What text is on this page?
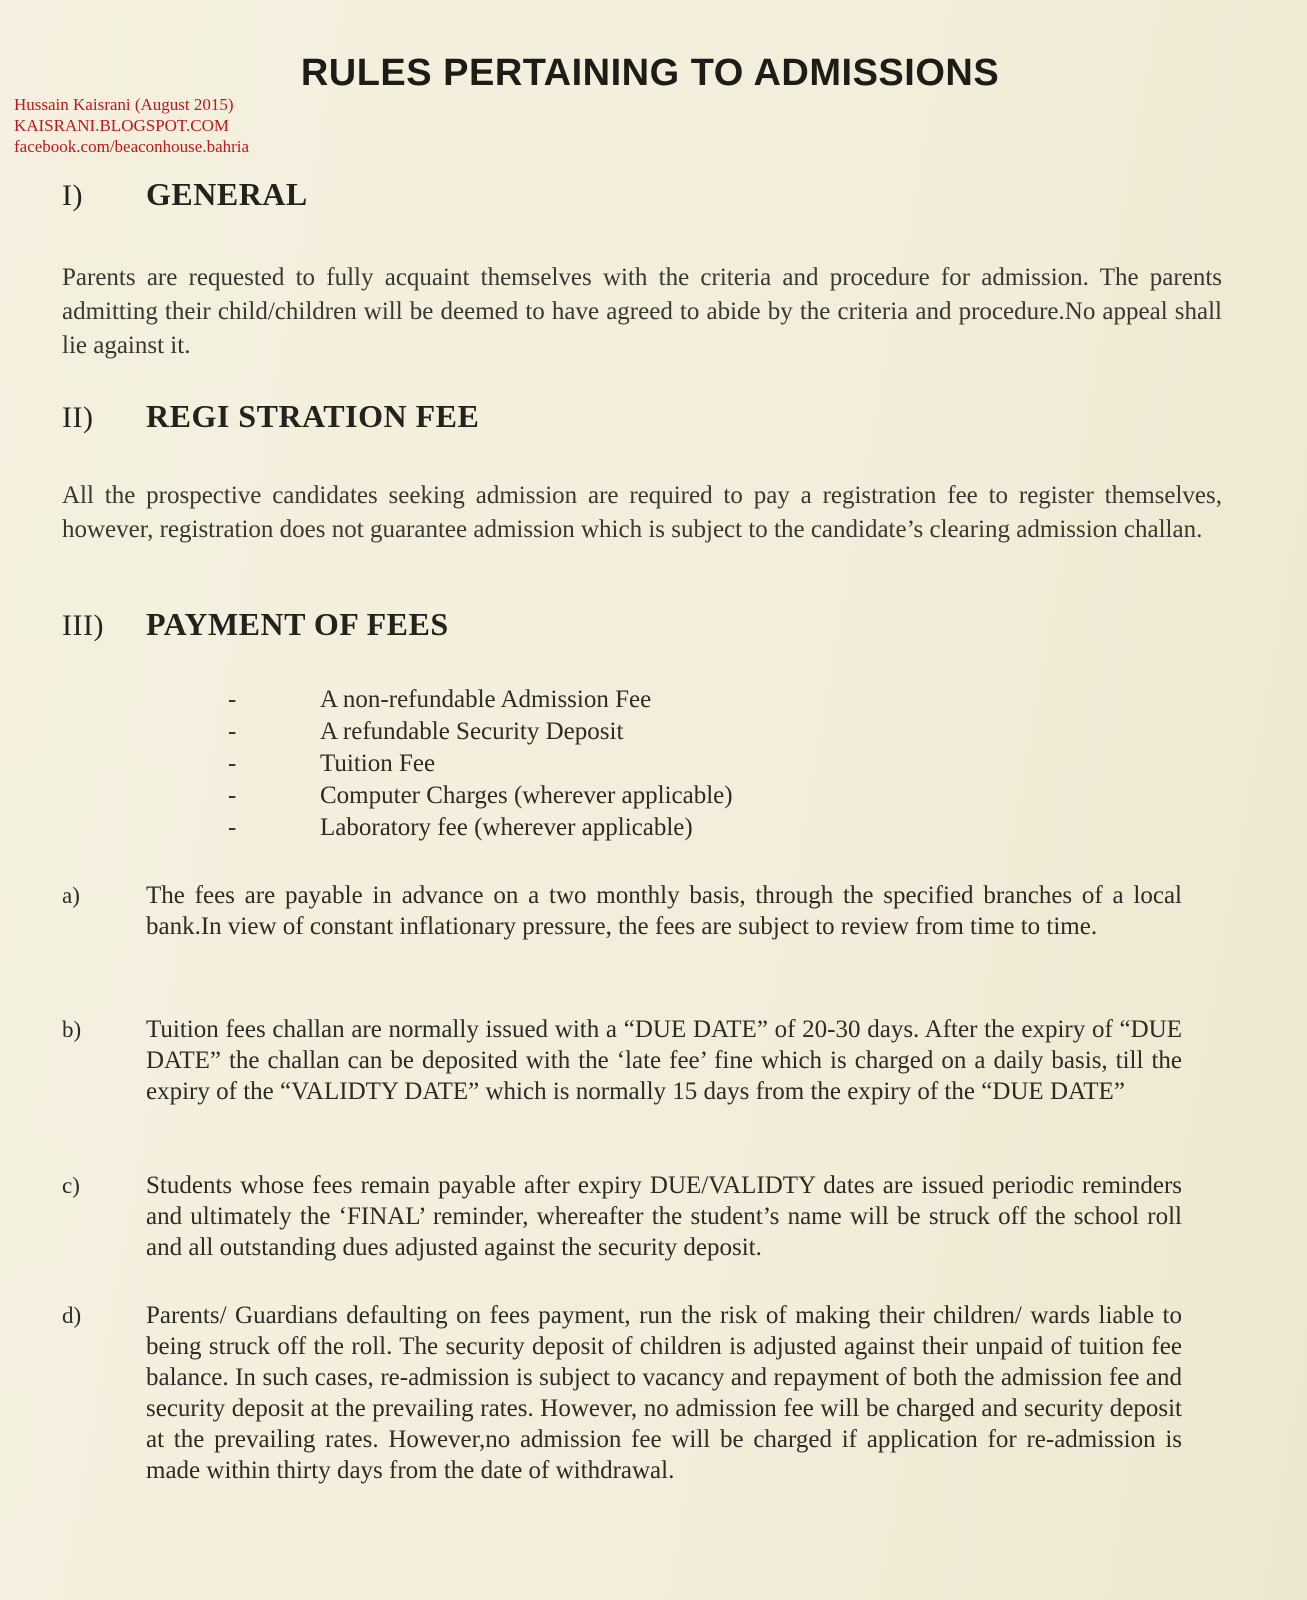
RULES PERTAINING TO ADMISSIONS
Hussain Kaisrani (August 2015)
KAISRANI.BLOGSPOT.COM
facebook.com/beaconhouse.bahria
I)	GENERAL
Parents are requested to fully acquaint themselves with the criteria and procedure for admission. The parents admitting their child/children will be deemed to have agreed to abide by the criteria and procedure.No appeal shall lie against it.
II)	REGI STRATION FEE
All the prospective candidates seeking admission are required to pay a registration fee to register themselves, however, registration does not guarantee admission which is subject to the candidate’s clearing admission challan.
III)	PAYMENT OF FEES
-	A non-refundable Admission Fee
-	A refundable Security Deposit
-	Tuition Fee
-	Computer Charges (wherever applicable)
-	Laboratory fee (wherever applicable)
a)	The fees are payable in advance on a two monthly basis, through the specified branches of a local bank.In view of constant inflationary pressure, the fees are subject to review from time to time.
b)	Tuition fees challan are normally issued with a “DUE DATE” of 20-30 days. After the expiry of “DUE DATE” the challan can be deposited with the ‘late fee’ fine which is charged on a daily basis, till the expiry of the “VALIDTY DATE” which is normally 15 days from the expiry of the “DUE DATE”
c)	Students whose fees remain payable after expiry DUE/VALIDTY dates are issued periodic reminders and ultimately the ‘FINAL’ reminder, whereafter the student’s name will be struck off the school roll and all outstanding dues adjusted against the security deposit.
d)	Parents/ Guardians defaulting on fees payment, run the risk of making their children/ wards liable to being struck off the roll. The security deposit of children is adjusted against their unpaid of tuition fee balance. In such cases, re-admission is subject to vacancy and repayment of both the admission fee and security deposit at the prevailing rates. However, no admission fee will be charged and security deposit at the prevailing rates. However,no admission fee will be charged if application for re-admission is made within thirty days from the date of withdrawal.
